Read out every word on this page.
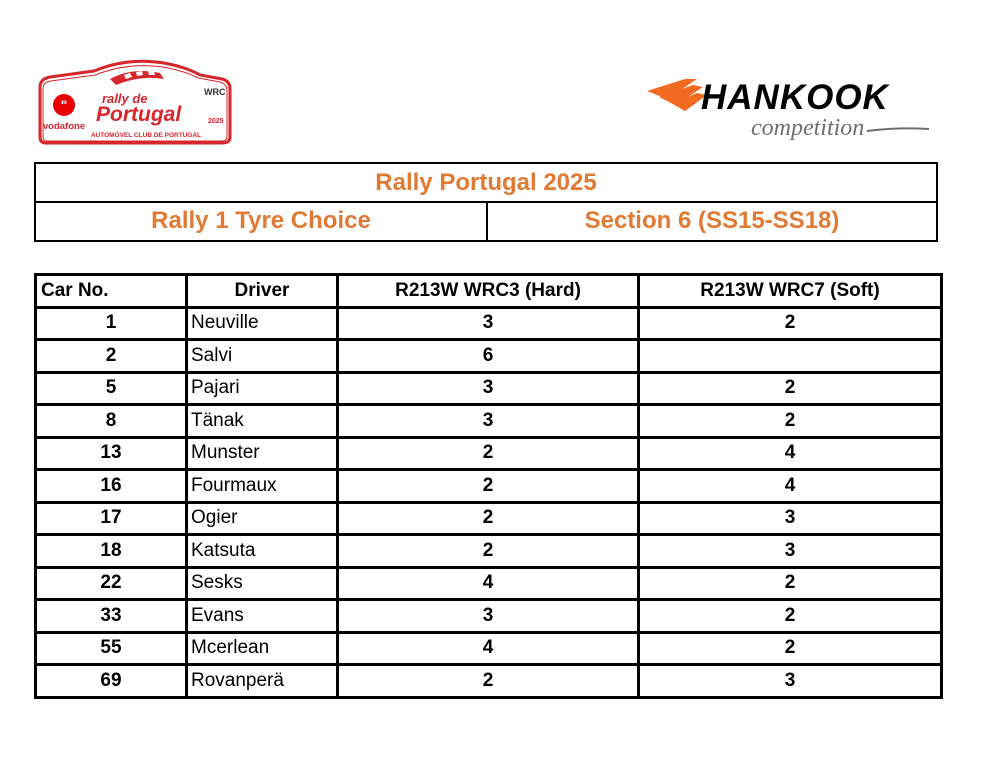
"
vodafone
rally de
Portugal
WRC
2025
AUTOMÓVEL CLUB DE PORTUGAL
HANKOOK
competition
Rally Portugal 2025
Rally 1 Tyre Choice	Section 6 (SS15-SS18)
Car No.	Driver	R213W WRC3 (Hard)	R213W WRC7 (Soft)
1	Neuville	3	2
2	Salvi	6	
5	Pajari	3	2
8	Tänak	3	2
13	Munster	2	4
16	Fourmaux	2	4
17	Ogier	2	3
18	Katsuta	2	3
22	Sesks	4	2
33	Evans	3	2
55	Mcerlean	4	2
69	Rovanperä	2	3
